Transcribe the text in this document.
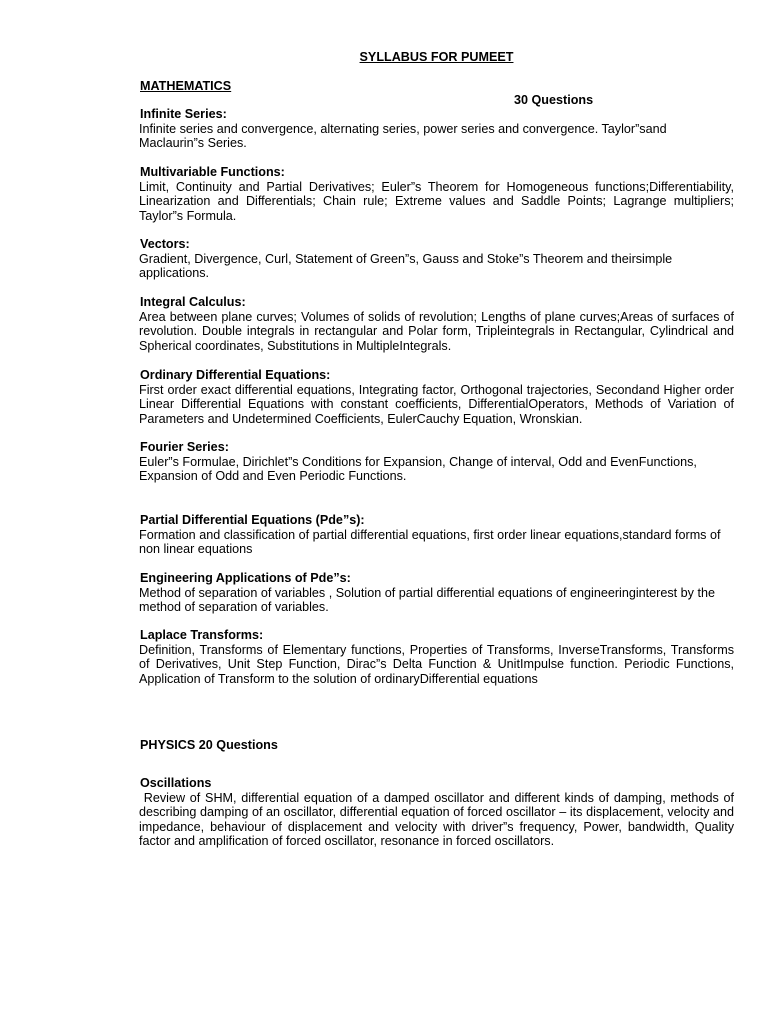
SYLLABUS FOR PUMEET
MATHEMATICS
30 Questions

Infinite Series:

Infinite series and convergence, alternating series, power series and convergence. Taylor”sand Maclaurin”s Series.

Multivariable Functions:

Limit, Continuity and Partial Derivatives; Euler”s Theorem for Homogeneous functions;Differentiability, Linearization and Differentials; Chain rule; Extreme values and Saddle Points; Lagrange multipliers; Taylor”s Formula.

Vectors:

Gradient, Divergence, Curl, Statement of Green”s, Gauss and Stoke”s Theorem and theirsimple applications.

Integral Calculus:

Area between plane curves; Volumes of solids of revolution; Lengths of plane curves;Areas of surfaces of revolution. Double integrals in rectangular and Polar form, Tripleintegrals in Rectangular, Cylindrical and Spherical coordinates, Substitutions in MultipleIntegrals.

Ordinary Differential Equations:

First order exact differential equations, Integrating factor, Orthogonal trajectories, Secondand Higher order Linear Differential Equations with constant coefficients, DifferentialOperators, Methods of Variation of Parameters and Undetermined Coefficients, EulerCauchy Equation, Wronskian.

Fourier Series:

Euler”s Formulae, Dirichlet”s Conditions for Expansion, Change of interval, Odd and EvenFunctions, Expansion of Odd and Even Periodic Functions.

Partial Differential Equations (Pde”s):

Formation and classification of partial differential equations, first order linear equations,standard forms of non linear equations

Engineering Applications of Pde”s:

Method of separation of variables , Solution of partial differential equations of engineeringinterest by the method of separation of variables.

Laplace Transforms:

Definition, Transforms of Elementary functions, Properties of Transforms, InverseTransforms, Transforms of Derivatives, Unit Step Function, Dirac”s Delta Function & UnitImpulse function. Periodic Functions, Application of Transform to the solution of ordinaryDifferential equations

PHYSICS 20 Questions

Oscillations

Review of SHM, differential equation of a damped oscillator and different kinds of damping, methods of describing damping of an oscillator, differential equation of forced oscillator – its displacement, velocity and impedance, behaviour of displacement and velocity with driver”s frequency, Power, bandwidth, Quality factor and amplification of forced oscillator, resonance in forced oscillators.
